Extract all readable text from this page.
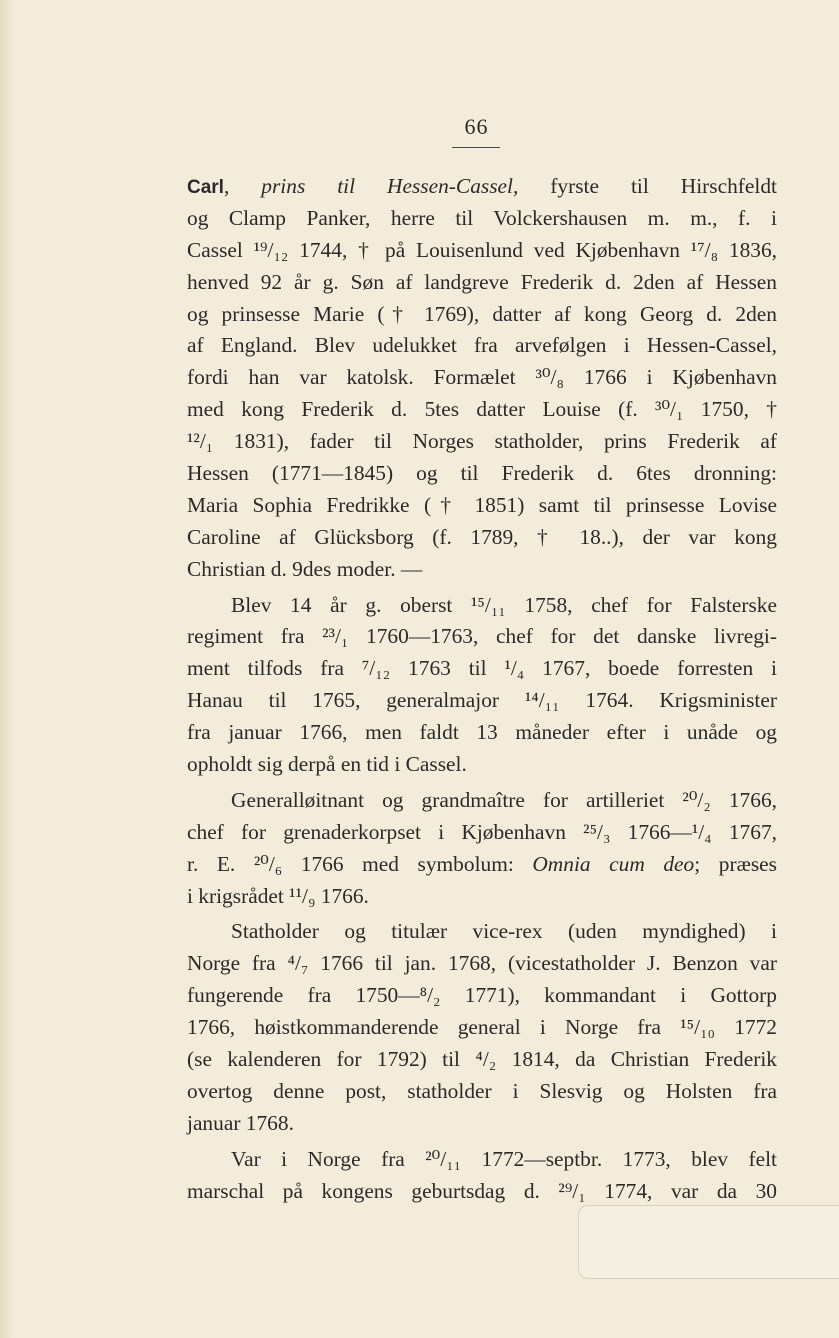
66
Carl, prins til Hessen-Cassel, fyrste til Hirschfeldt
og Clamp Panker, herre til Volckershausen m. m., f. i
Cassel ¹⁹/₁₂ 1744, † på Louisenlund ved Kjøbenhavn ¹⁷/₈ 1836,
henved 92 år g. Søn af landgreve Frederik d. 2den af Hessen
og prinsesse Marie († 1769), datter af kong Georg d. 2den
af England. Blev udelukket fra arvefølgen i Hessen-Cassel,
fordi han var katolsk. Formælet ³⁰/₈ 1766 i Kjøbenhavn
med kong Frederik d. 5tes datter Louise (f. ³⁰/₁ 1750, †
¹²/₁ 1831), fader til Norges statholder, prins Frederik af
Hessen (1771—1845) og til Frederik d. 6tes dronning:
Maria Sophia Fredrikke († 1851) samt til prinsesse Lovise
Caroline af Glücksborg (f. 1789, † 18..), der var kong
Christian d. 9des moder. —
Blev 14 år g. oberst ¹⁵/₁₁ 1758, chef for Falsterske
regiment fra ²³/₁ 1760—1763, chef for det danske livregi-
ment tilfods fra ⁷/₁₂ 1763 til ¹/₄ 1767, boede forresten i
Hanau til 1765, generalmajor ¹⁴/₁₁ 1764. Krigsminister
fra januar 1766, men faldt 13 måneder efter i unåde og
opholdt sig derpå en tid i Cassel.
Generalløitnant og grandmaître for artilleriet ²⁰/₂ 1766,
chef for grenaderkorpset i Kjøbenhavn ²⁵/₃ 1766—¹/₄ 1767,
r. E. ²⁰/₆ 1766 med symbolum: Omnia cum deo; præses
i krigsrådet ¹¹/₉ 1766.
Statholder og titulær vice-rex (uden myndighed) i
Norge fra ⁴/₇ 1766 til jan. 1768, (vicestatholder J. Benzon var
fungerende fra 1750—⁸/₂ 1771), kommandant i Gottorp
1766, høistkommanderende general i Norge fra ¹⁵/₁₀ 1772
(se kalenderen for 1792) til ⁴/₂ 1814, da Christian Frederik
overtog denne post, statholder i Slesvig og Holsten fra
januar 1768.
Var i Norge fra ²⁰/₁₁ 1772—septbr. 1773, blev felt
marschal på kongens geburtsdag d. ²⁹/₁ 1774, var da 30
